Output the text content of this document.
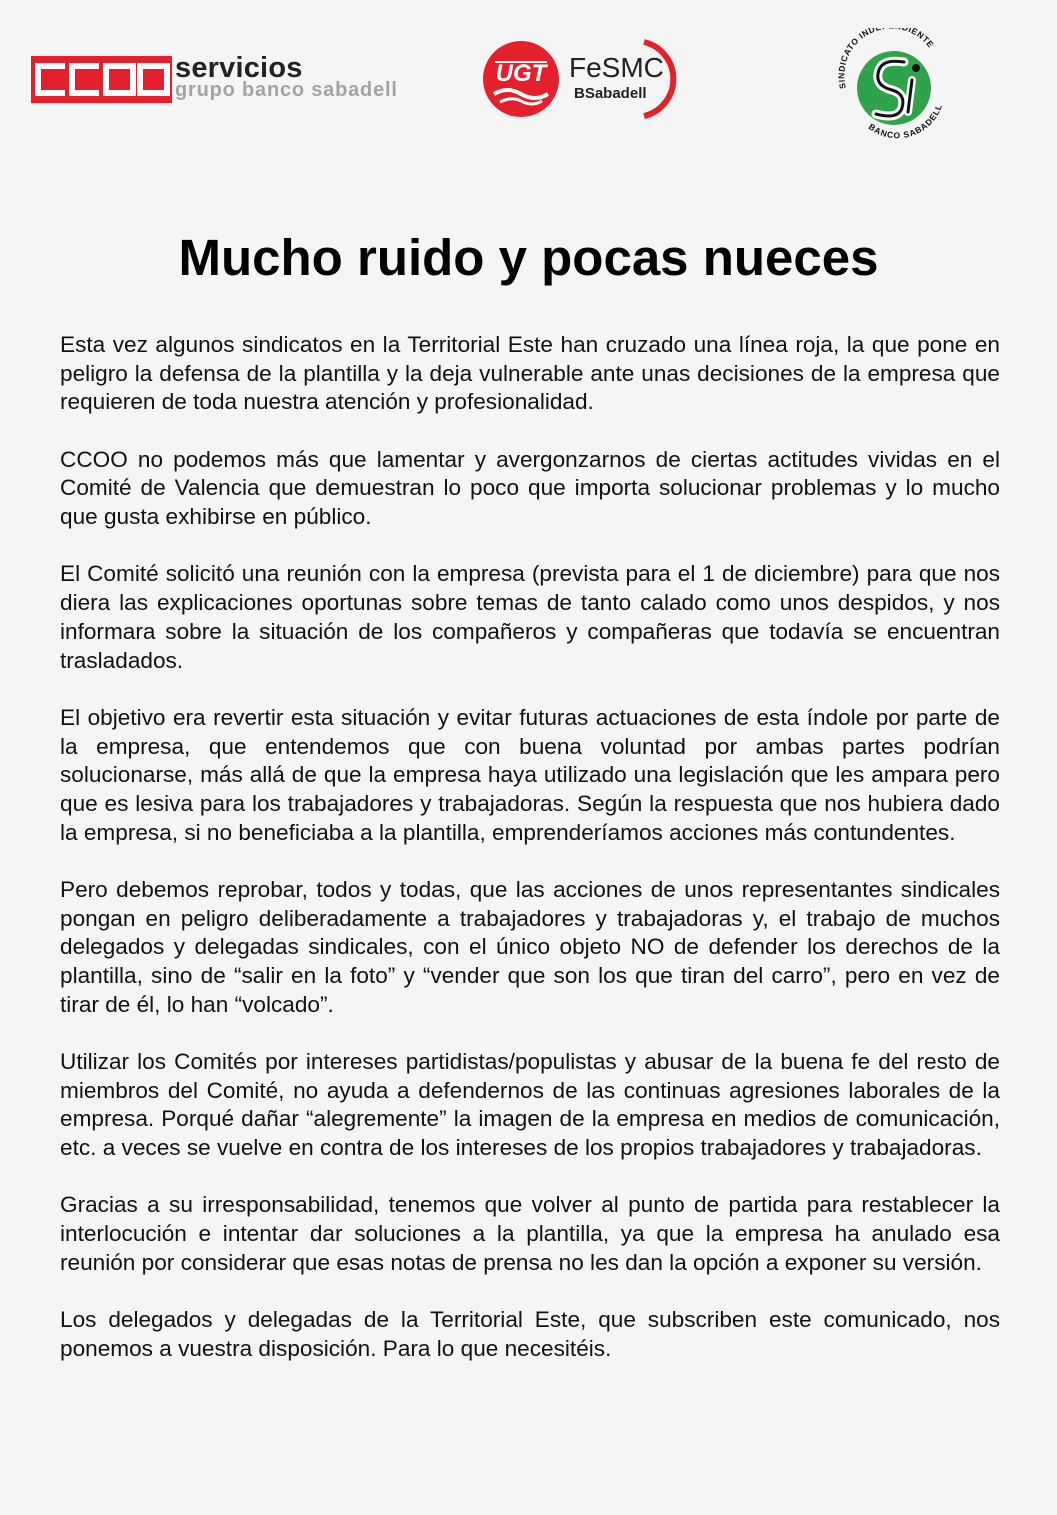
servicios
grupo banco sabadell
UGT FeSMC
BSabadell	SINDICATO IND IENTE
BANCO SABADELL
Mucho ruido y pocas nueces

Esta vez algunos sindicatos en la Territorial Este han cruzado una línea roja, la que pone en peligro la defensa de la plantilla y la deja vulnerable ante unas decisiones de la empresa que requieren de toda nuestra atención y profesionalidad.

CCOO no podemos más que lamentar y avergonzarnos de ciertas actitudes vividas en el Comité de Valencia que demuestran lo poco que importa solucionar problemas y lo mucho que gusta exhibirse en público.

El Comité solicitó una reunión con la empresa (prevista para el 1 de diciembre) para que nos diera las explicaciones oportunas sobre temas de tanto calado como unos despidos, y nos informara sobre la situación de los compañeros y compañeras que todavía se encuentran trasladados.

El objetivo era revertir esta situación y evitar futuras actuaciones de esta índole por parte de la empresa, que entendemos que con buena voluntad por ambas partes podrían solucionarse, más allá de que la empresa haya utilizado una legislación que les ampara pero que es lesiva para los trabajadores y trabajadoras. Según la respuesta que nos hubiera dado la empresa, si no beneficiaba a la plantilla, emprenderíamos acciones más contundentes.

Pero debemos reprobar, todos y todas, que las acciones de unos representantes sindicales pongan en peligro deliberadamente a trabajadores y trabajadoras y, el trabajo de muchos delegados y delegadas sindicales, con el único objeto NO de defender los derechos de la plantilla, sino de “salir en la foto” y “vender que son los que tiran del carro”, pero en vez de tirar de él, lo han “volcado”.

Utilizar los Comités por intereses partidistas/populistas y abusar de la buena fe del resto de miembros del Comité, no ayuda a defendernos de las continuas agresiones laborales de la empresa. Porqué dañar “alegremente” la imagen de la empresa en medios de comunicación, etc. a veces se vuelve en contra de los intereses de los propios trabajadores y trabajadoras.

Gracias a su irresponsabilidad, tenemos que volver al punto de partida para restablecer la interlocución e intentar dar soluciones a la plantilla, ya que la empresa ha anulado esa reunión por considerar que esas notas de prensa no les dan la opción a exponer su versión.

Los delegados y delegadas de la Territorial Este, que subscriben este comunicado, nos ponemos a vuestra disposición. Para lo que necesitéis.
